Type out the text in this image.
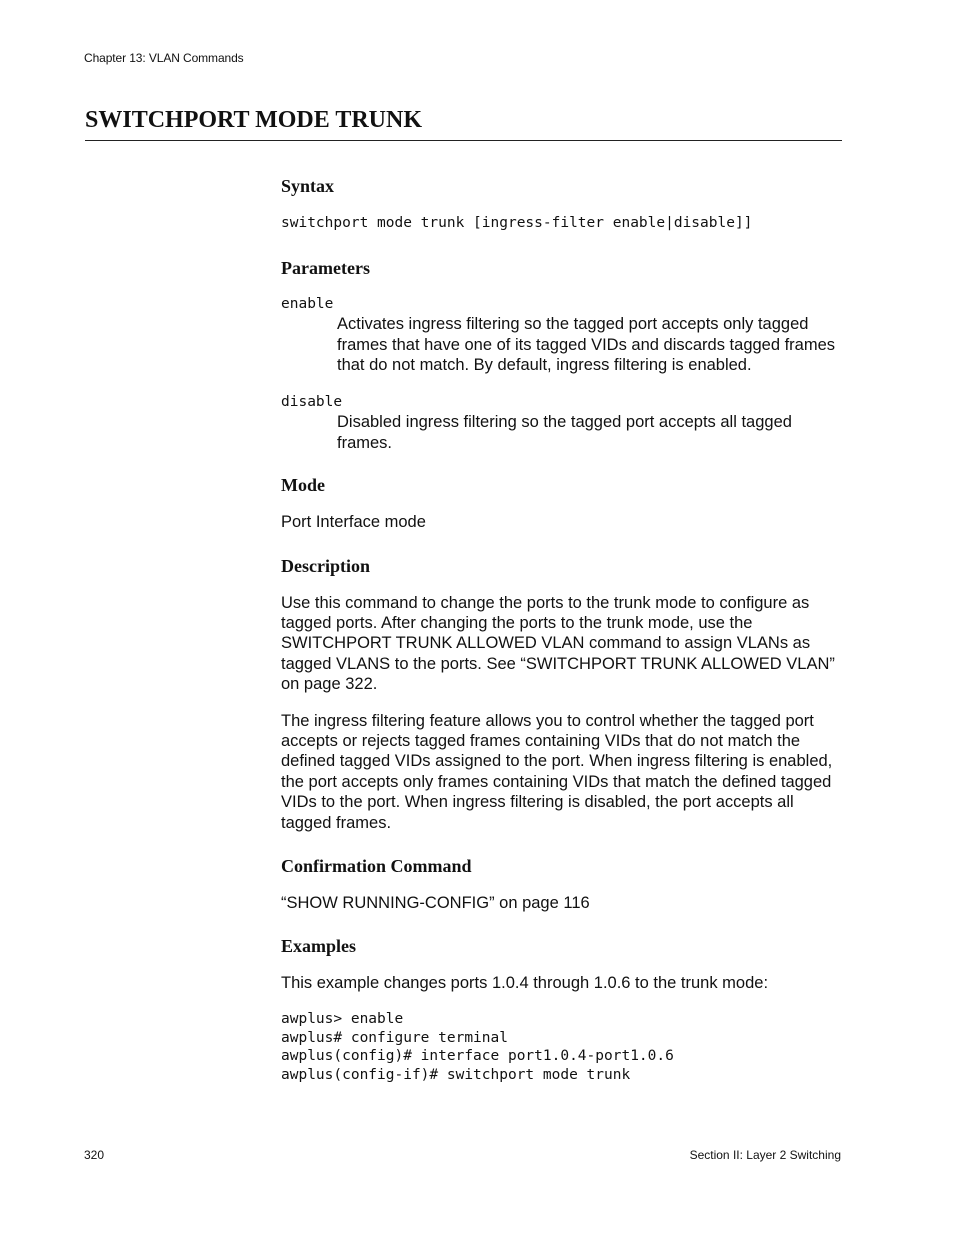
Chapter 13: VLAN Commands
SWITCHPORT MODE TRUNK
Syntax
switchport mode trunk [ingress-filter enable|disable]]
Parameters
enable

Activates ingress filtering so the tagged port accepts only tagged frames that have one of its tagged VIDs and discards tagged frames that do not match. By default, ingress filtering is enabled.

disable

Disabled ingress filtering so the tagged port accepts all tagged frames.

Mode

Port Interface mode

Description

Use this command to change the ports to the trunk mode to configure as tagged ports. After changing the ports to the trunk mode, use the SWITCHPORT TRUNK ALLOWED VLAN command to assign VLANs as tagged VLANS to the ports. See “SWITCHPORT TRUNK ALLOWED VLAN” on page 322.

The ingress filtering feature allows you to control whether the tagged port accepts or rejects tagged frames containing VIDs that do not match the defined tagged VIDs assigned to the port. When ingress filtering is enabled, the port accepts only frames containing VIDs that match the defined tagged VIDs to the port. When ingress filtering is disabled, the port accepts all tagged frames.

Confirmation Command

“SHOW RUNNING-CONFIG” on page 116

Examples

This example changes ports 1.0.4 through 1.0.6 to the trunk mode:

awplus> enable
awplus# configure terminal
awplus(config)# interface port1.0.4-port1.0.6
awplus(config-if)# switchport mode trunk
320	Section II: Layer 2 Switching
